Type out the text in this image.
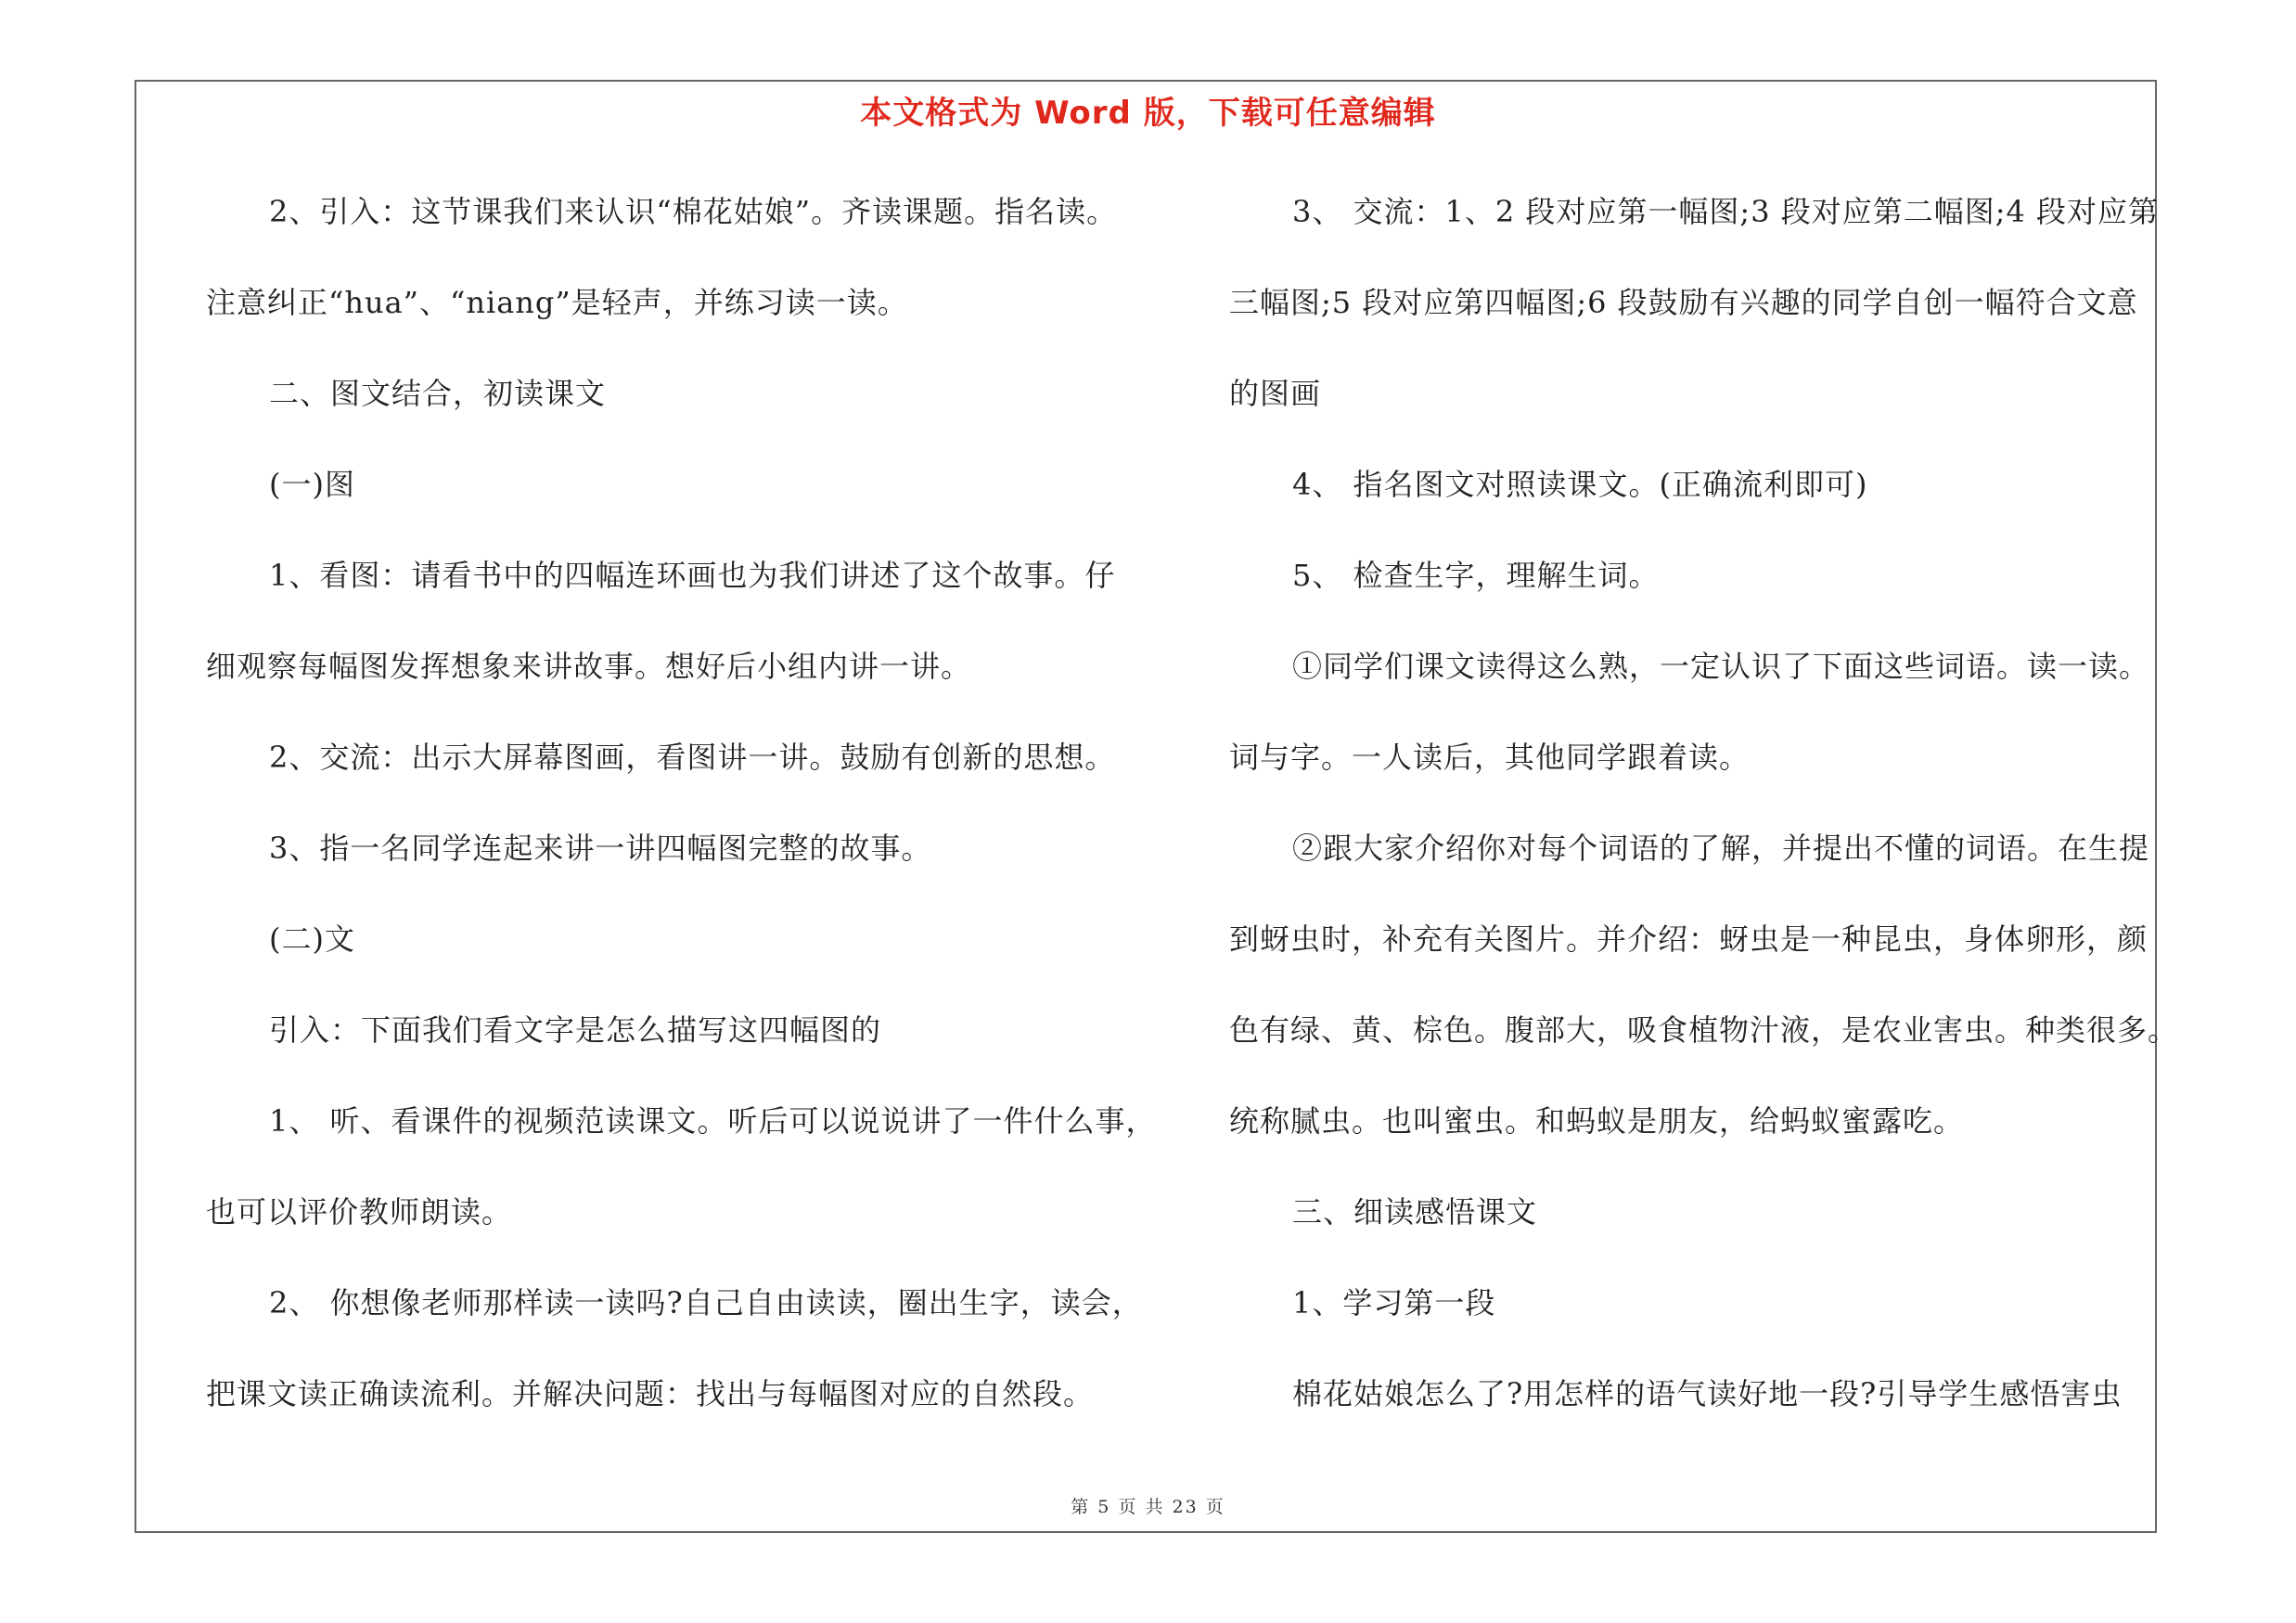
本文格式为 Word 版，下载可任意编辑
2、引入：这节课我们来认识“棉花姑娘”。齐读课题。指名读。
注意纠正“hua”、“niang”是轻声，并练习读一读。
二、图文结合，初读课文
(一)图
1、看图：请看书中的四幅连环画也为我们讲述了这个故事。仔
细观察每幅图发挥想象来讲故事。想好后小组内讲一讲。
2、交流：出示大屏幕图画，看图讲一讲。鼓励有创新的思想。
3、指一名同学连起来讲一讲四幅图完整的故事。
(二)文
引入：下面我们看文字是怎么描写这四幅图的
1、 听、看课件的视频范读课文。听后可以说说讲了一件什么事，
也可以评价教师朗读。
2、 你想像老师那样读一读吗?自己自由读读，圈出生字，读会，
把课文读正确读流利。并解决问题：找出与每幅图对应的自然段。
3、 交流：1、2 段对应第一幅图;3 段对应第二幅图;4 段对应第
三幅图;5 段对应第四幅图;6 段鼓励有兴趣的同学自创一幅符合文意
的图画
4、 指名图文对照读课文。(正确流利即可)
5、 检查生字，理解生词。
①同学们课文读得这么熟，一定认识了下面这些词语。读一读。
词与字。一人读后，其他同学跟着读。
②跟大家介绍你对每个词语的了解，并提出不懂的词语。在生提
到蚜虫时，补充有关图片。并介绍：蚜虫是一种昆虫，身体卵形，颜
色有绿、黄、棕色。腹部大，吸食植物汁液，是农业害虫。种类很多。
统称腻虫。也叫蜜虫。和蚂蚁是朋友，给蚂蚁蜜露吃。
三、细读感悟课文
1、学习第一段
棉花姑娘怎么了?用怎样的语气读好地一段?引导学生感悟害虫
第 5 页 共 23 页
